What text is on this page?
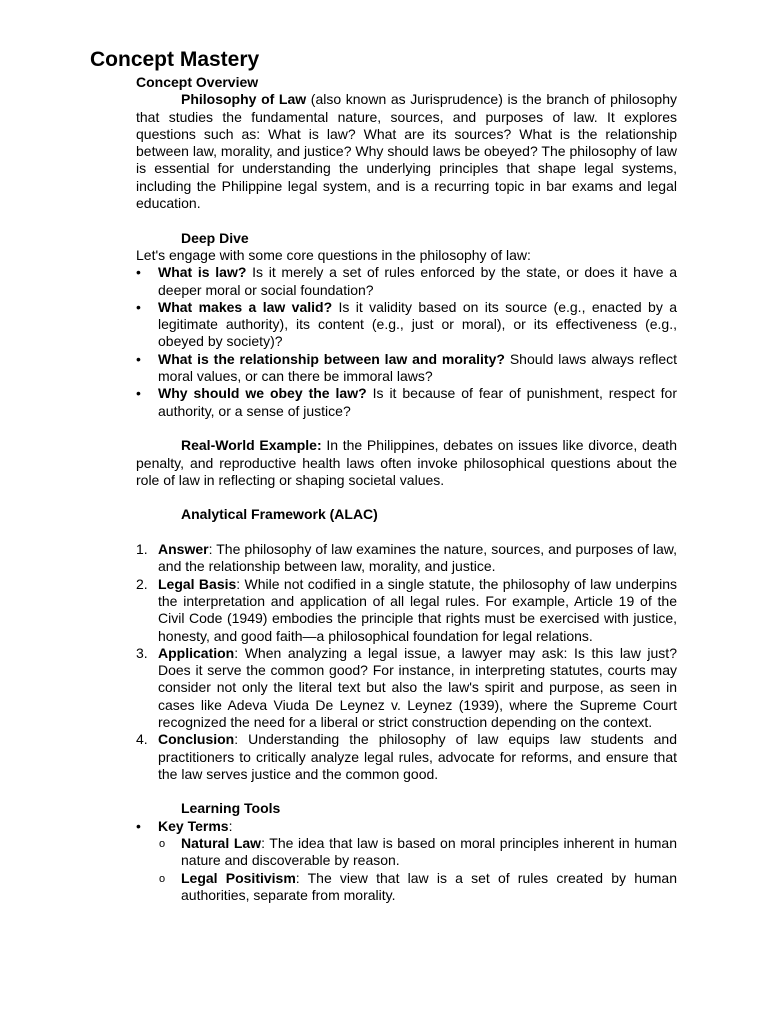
Concept Mastery
Concept Overview

Philosophy of Law (also known as Jurisprudence) is the branch of philosophy that studies the fundamental nature, sources, and purposes of law. It explores questions such as: What is law? What are its sources? What is the relationship between law, morality, and justice? Why should laws be obeyed? The philosophy of law is essential for understanding the underlying principles that shape legal systems, including the Philippine legal system, and is a recurring topic in bar exams and legal education.

Deep Dive

Let's engage with some core questions in the philosophy of law:

• What is law? Is it merely a set of rules enforced by the state, or does it have a deeper moral or social foundation?
• What makes a law valid? Is it validity based on its source (e.g., enacted by a legitimate authority), its content (e.g., just or moral), or its effectiveness (e.g., obeyed by society)?
• What is the relationship between law and morality? Should laws always reflect moral values, or can there be immoral laws?
• Why should we obey the law? Is it because of fear of punishment, respect for authority, or a sense of justice?

Real-World Example: In the Philippines, debates on issues like divorce, death penalty, and reproductive health laws often invoke philosophical questions about the role of law in reflecting or shaping societal values.

Analytical Framework (ALAC)
1. Answer: The philosophy of law examines the nature, sources, and purposes of law, and the relationship between law, morality, and justice.
2. Legal Basis: While not codified in a single statute, the philosophy of law underpins the interpretation and application of all legal rules. For example, Article 19 of the Civil Code (1949) embodies the principle that rights must be exercised with justice, honesty, and good faith—a philosophical foundation for legal relations.
3. Application: When analyzing a legal issue, a lawyer may ask: Is this law just? Does it serve the common good? For instance, in interpreting statutes, courts may consider not only the literal text but also the law's spirit and purpose, as seen in cases like Adeva Viuda De Leynez v. Leynez (1939), where the Supreme Court recognized the need for a liberal or strict construction depending on the context.
4. Conclusion: Understanding the philosophy of law equips law students and practitioners to critically analyze legal rules, advocate for reforms, and ensure that the law serves justice and the common good.
Learning Tools
• Key Terms:
o Natural Law: The idea that law is based on moral principles inherent in human nature and discoverable by reason.
o Legal Positivism: The view that law is a set of rules created by human authorities, separate from morality.
